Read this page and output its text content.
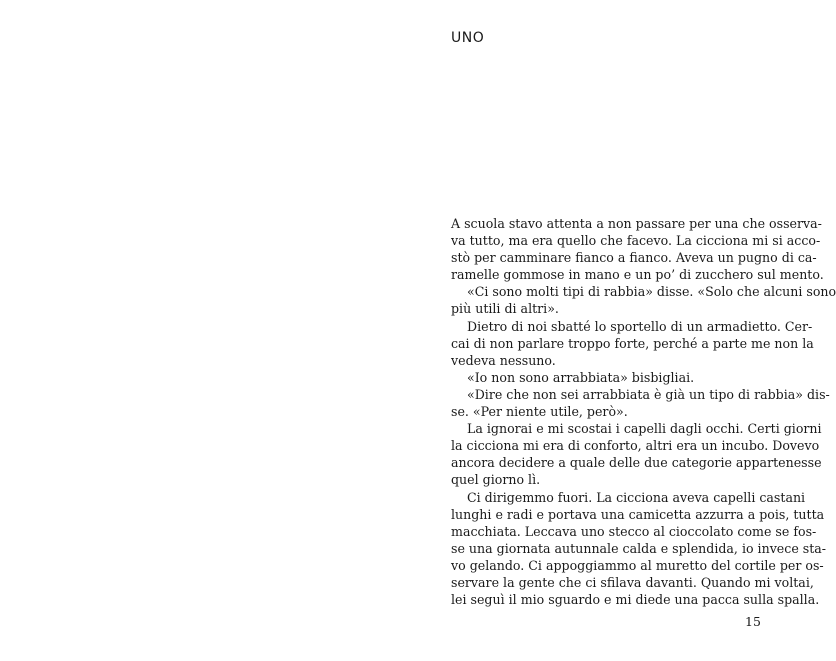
UNO
A scuola stavo attenta a non passare per una che osserva-
va tutto, ma era quello che facevo. La cicciona mi si acco-
stò per camminare fianco a fianco. Aveva un pugno di ca-
ramelle gommose in mano e un po’ di zucchero sul mento.
«Ci sono molti tipi di rabbia» disse. «Solo che alcuni sono
più utili di altri».
Dietro di noi sbatté lo sportello di un armadietto. Cer-
cai di non parlare troppo forte, perché a parte me non la
vedeva nessuno.
«Io non sono arrabbiata» bisbigliai.
«Dire che non sei arrabbiata è già un tipo di rabbia» dis-
se. «Per niente utile, però».
La ignorai e mi scostai i capelli dagli occhi. Certi giorni
la cicciona mi era di conforto, altri era un incubo. Dovevo
ancora decidere a quale delle due categorie appartenesse
quel giorno lì.
Ci dirigemmo fuori. La cicciona aveva capelli castani
lunghi e radi e portava una camicetta azzurra a pois, tutta
macchiata. Leccava uno stecco al cioccolato come se fos-
se una giornata autunnale calda e splendida, io invece sta-
vo gelando. Ci appoggiammo al muretto del cortile per os-
servare la gente che ci sfilava davanti. Quando mi voltai,
lei seguì il mio sguardo e mi diede una pacca sulla spalla.

15
